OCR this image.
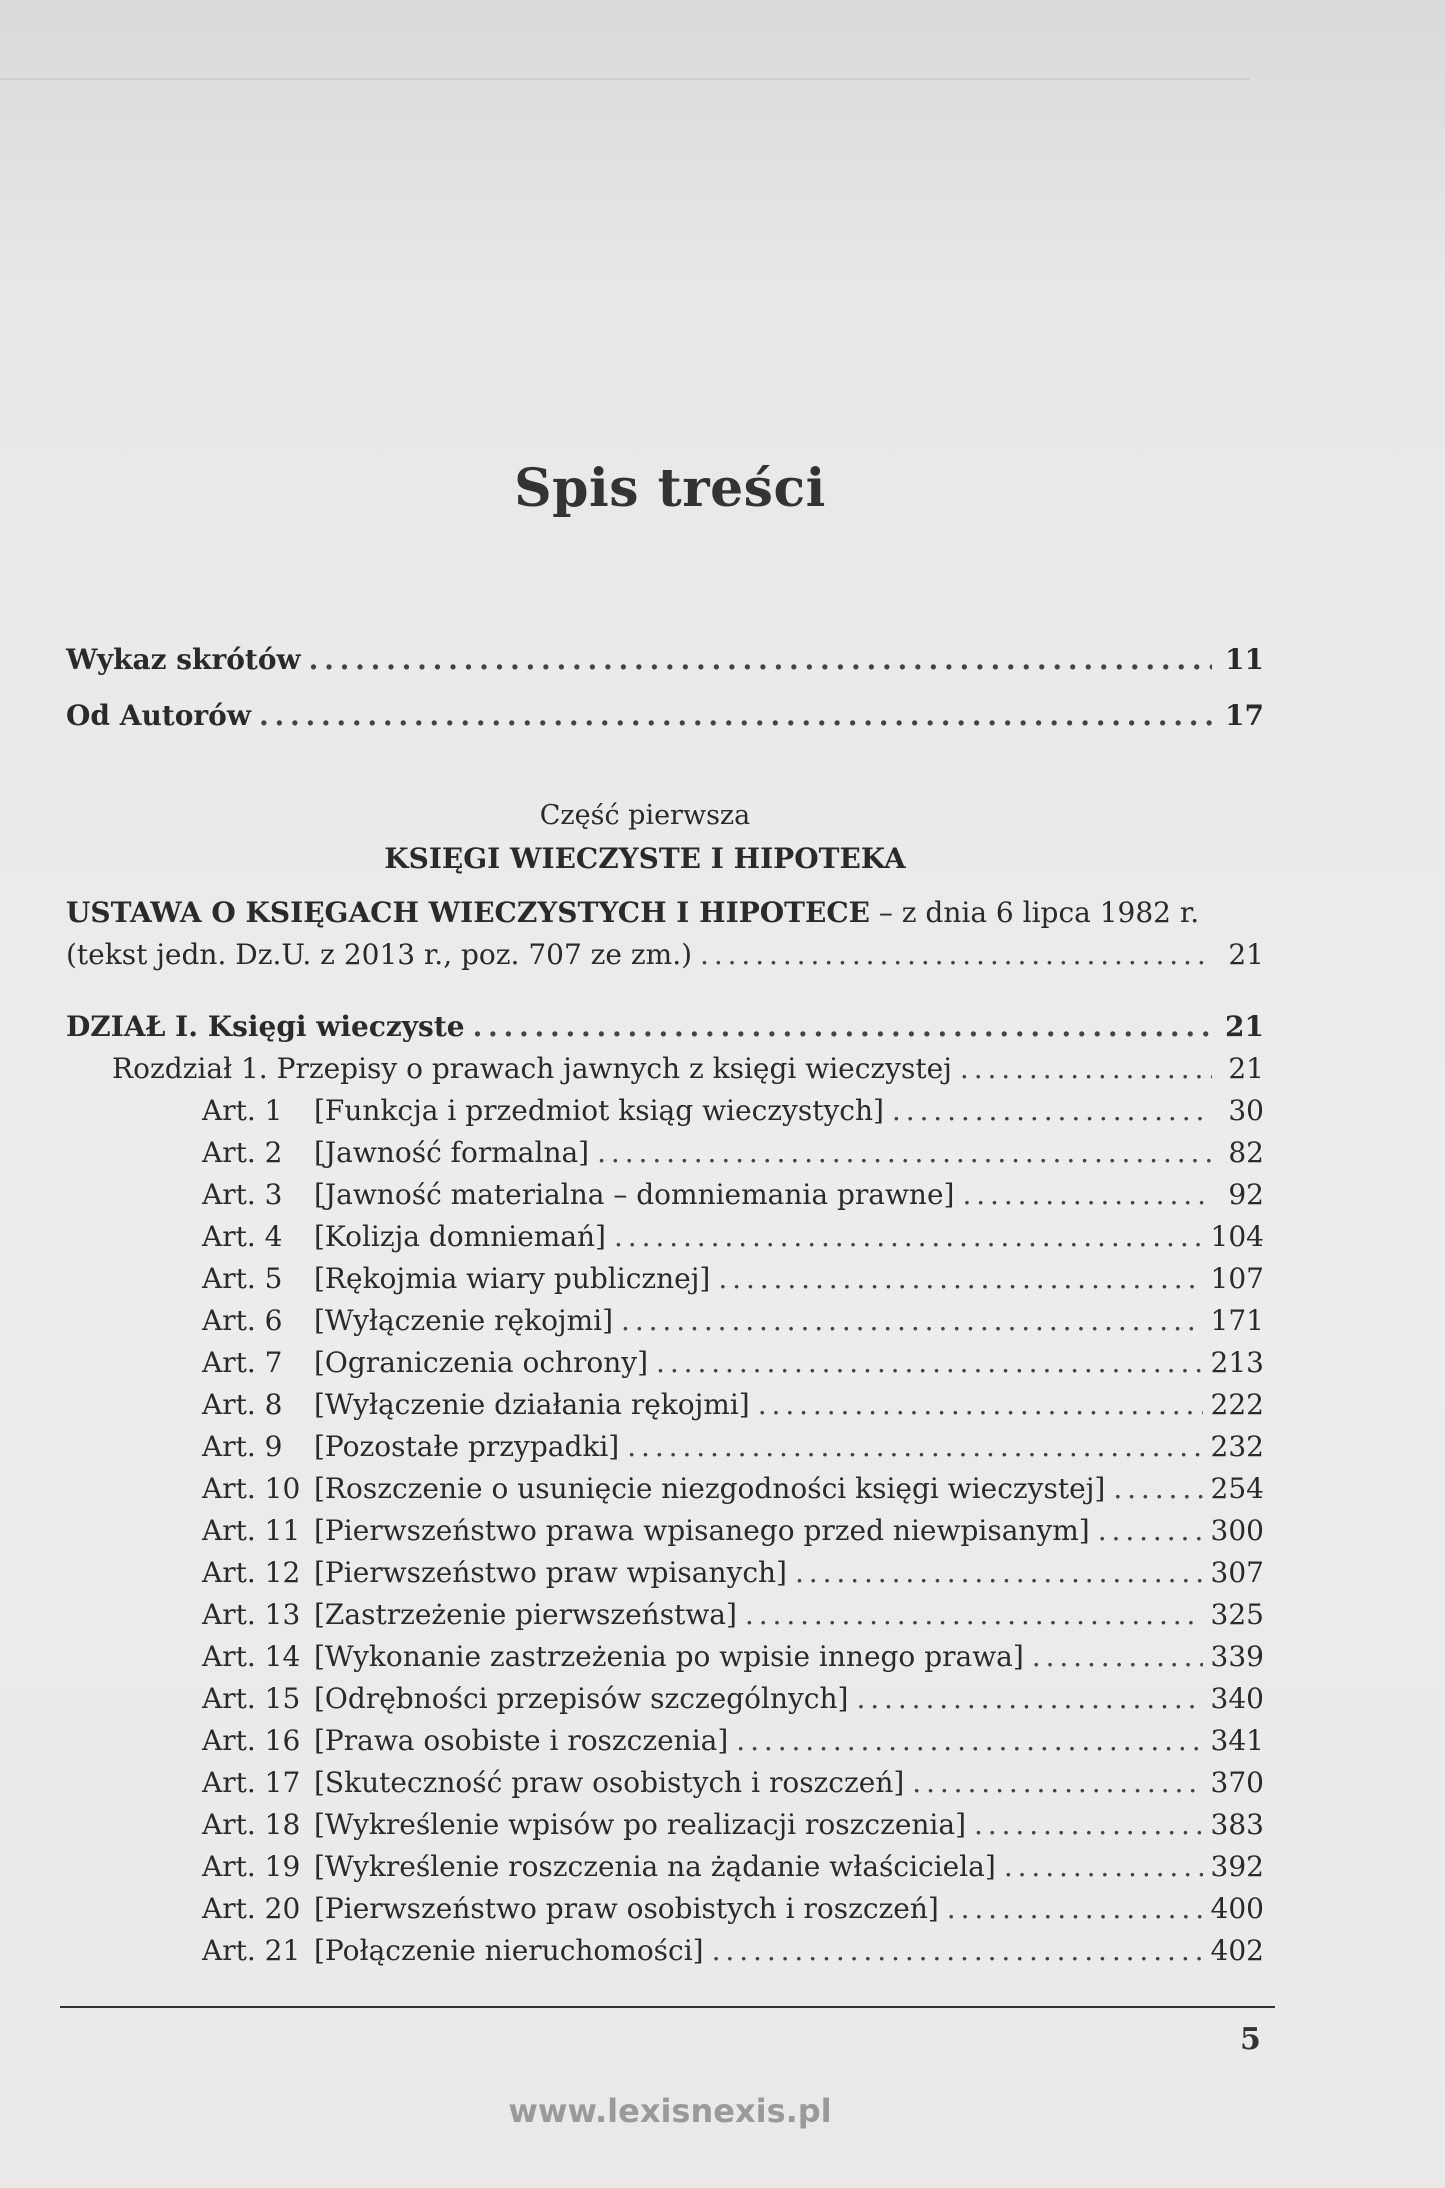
Spis treści
Wykaz skrótów . . .	11
Od Autorów . . .	17
Część pierwsza
KSIĘGI WIECZYSTE I HIPOTEKA
USTAWA O KSIĘGACH WIECZYSTYCH I HIPOTECE – z dnia 6 lipca 1982 r.
(tekst jedn. Dz.U. z 2013 r., poz. 707 ze zm.) . . .	21
DZIAŁ I. Księgi wieczyste . . .	21
Rozdział 1. Przepisy o prawach jawnych z księgi wieczystej . . .	21
Art. 1	[Funkcja i przedmiot ksiąg wieczystych] . . .	30
Art. 2	[Jawność formalna] . . .	82
Art. 3	[Jawność materialna – domniemania prawne] . . .	92
Art. 4	[Kolizja domniemań] . . .	104
Art. 5	[Rękojmia wiary publicznej] . . .	107
Art. 6	[Wyłączenie rękojmi] . . .	171
Art. 7	[Ograniczenia ochrony] . . .	213
Art. 8	[Wyłączenie działania rękojmi] . . .	222
Art. 9	[Pozostałe przypadki] . . .	232
Art. 10 [Roszczenie o usunięcie niezgodności księgi wieczystej] . . .	254
Art. 11 [Pierwszeństwo prawa wpisanego przed niewpisanym] . . .	300
Art. 12 [Pierwszeństwo praw wpisanych] . . .	307
Art. 13 [Zastrzeżenie pierwszeństwa] . . .	325
Art. 14 [Wykonanie zastrzeżenia po wpisie innego prawa] . . .	339
Art. 15 [Odrębności przepisów szczególnych] . . .	340
Art. 16 [Prawa osobiste i roszczenia] . . .	341
Art. 17 [Skuteczność praw osobistych i roszczeń] . . .	370
Art. 18 [Wykreślenie wpisów po realizacji roszczenia] . . .	383
Art. 19 [Wykreślenie roszczenia na żądanie właściciela] . . .	392
Art. 20 [Pierwszeństwo praw osobistych i roszczeń] . . .	400
Art. 21 [Połączenie nieruchomości] . . .	402
5
www.lexisnexis.pl
